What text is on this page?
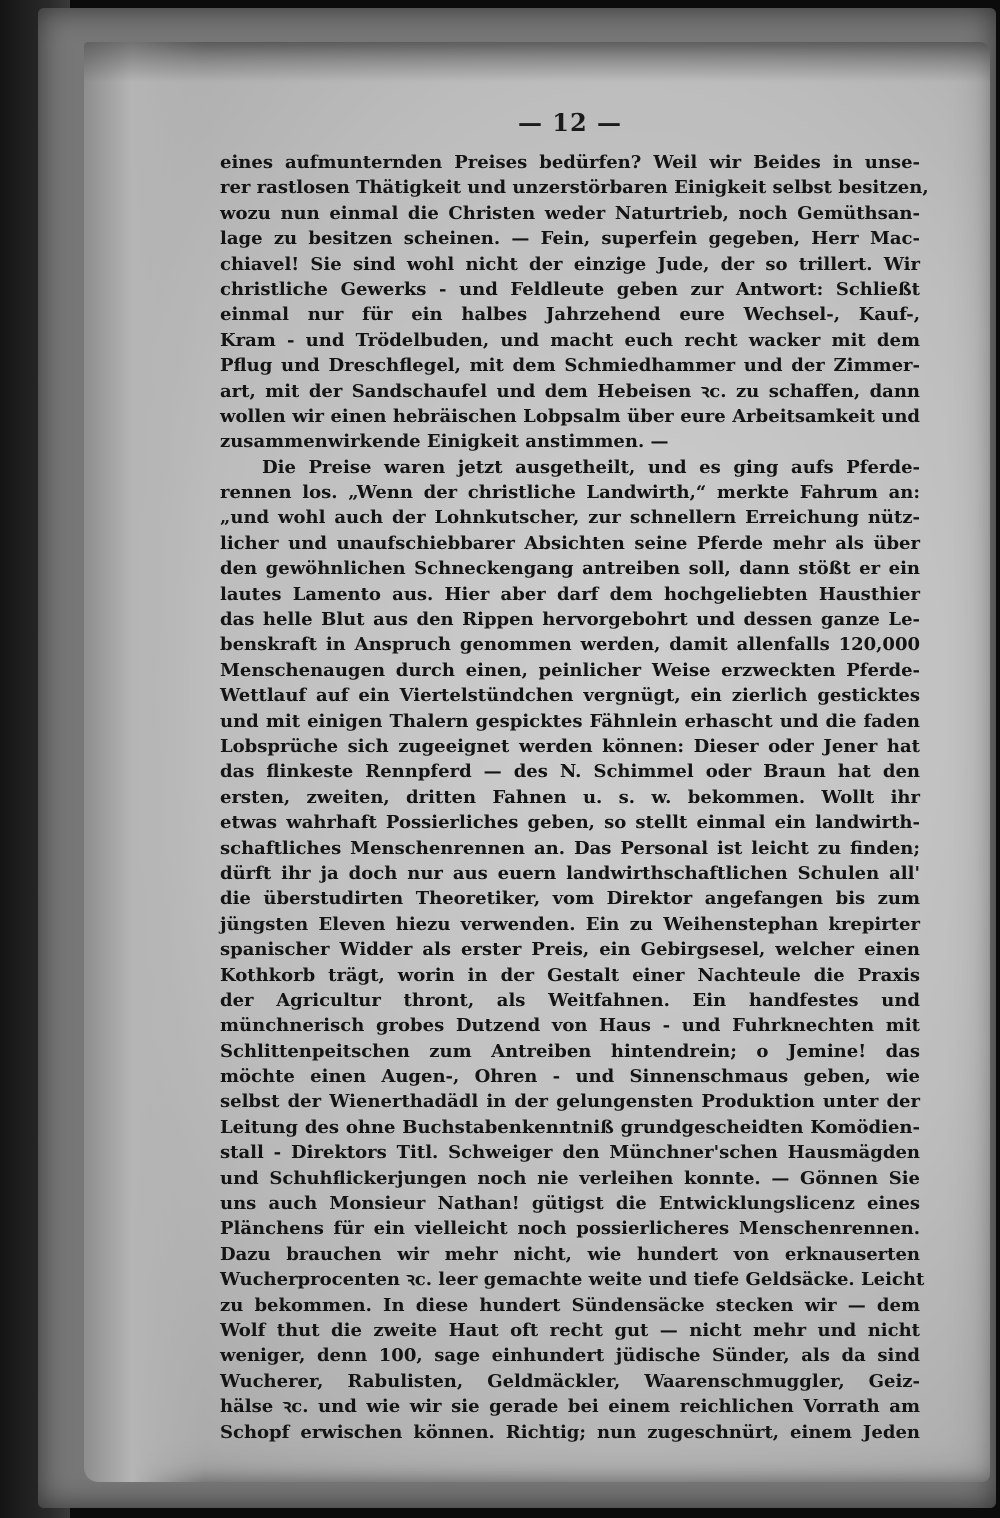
— 12 —
eines aufmunternden Preises bedürfen? Weil wir Beides in unse-
rer rastlosen Thätigkeit und unzerstörbaren Einigkeit selbst besitzen,
wozu nun einmal die Christen weder Naturtrieb, noch Gemüthsan-
lage zu besitzen scheinen. — Fein, superfein gegeben, Herr Mac-
chiavel! Sie sind wohl nicht der einzige Jude, der so trillert. Wir
christliche Gewerks - und Feldleute geben zur Antwort: Schließt
einmal nur für ein halbes Jahrzehend eure Wechsel-, Kauf-,
Kram - und Trödelbuden, und macht euch recht wacker mit dem
Pflug und Dreschflegel, mit dem Schmiedhammer und der Zimmer-
art, mit der Sandschaufel und dem Hebeisen ꝛc. zu schaffen, dann
wollen wir einen hebräischen Lobpsalm über eure Arbeitsamkeit und
zusammenwirkende Einigkeit anstimmen. —
Die Preise waren jetzt ausgetheilt, und es ging aufs Pferde-
rennen los. „Wenn der christliche Landwirth,“ merkte Fahrum an:
„und wohl auch der Lohnkutscher, zur schnellern Erreichung nütz-
licher und unaufschiebbarer Absichten seine Pferde mehr als über
den gewöhnlichen Schneckengang antreiben soll, dann stößt er ein
lautes Lamento aus. Hier aber darf dem hochgeliebten Hausthier
das helle Blut aus den Rippen hervorgebohrt und dessen ganze Le-
benskraft in Anspruch genommen werden, damit allenfalls 120,000
Menschenaugen durch einen, peinlicher Weise erzweckten Pferde-
Wettlauf auf ein Viertelstündchen vergnügt, ein zierlich gesticktes
und mit einigen Thalern gespicktes Fähnlein erhascht und die faden
Lobsprüche sich zugeeignet werden können: Dieser oder Jener hat
das flinkeste Rennpferd — des N. Schimmel oder Braun hat den
ersten, zweiten, dritten Fahnen u. s. w. bekommen. Wollt ihr
etwas wahrhaft Possierliches geben, so stellt einmal ein landwirth-
schaftliches Menschenrennen an. Das Personal ist leicht zu finden;
dürft ihr ja doch nur aus euern landwirthschaftlichen Schulen all'
die überstudirten Theoretiker, vom Direktor angefangen bis zum
jüngsten Eleven hiezu verwenden. Ein zu Weihenstephan krepirter
spanischer Widder als erster Preis, ein Gebirgsesel, welcher einen
Kothkorb trägt, worin in der Gestalt einer Nachteule die Praxis
der Agricultur thront, als Weitfahnen. Ein handfestes und
münchnerisch grobes Dutzend von Haus - und Fuhrknechten mit
Schlittenpeitschen zum Antreiben hintendrein; o Jemine! das
möchte einen Augen-, Ohren - und Sinnenschmaus geben, wie
selbst der Wienerthadädl in der gelungensten Produktion unter der
Leitung des ohne Buchstabenkenntniß grundgescheidten Komödien-
stall - Direktors Titl. Schweiger den Münchner'schen Hausmägden
und Schuhflickerjungen noch nie verleihen konnte. — Gönnen Sie
uns auch Monsieur Nathan! gütigst die Entwicklungslicenz eines
Plänchens für ein vielleicht noch possierlicheres Menschenrennen.
Dazu brauchen wir mehr nicht, wie hundert von erknauserten
Wucherprocenten ꝛc. leer gemachte weite und tiefe Geldsäcke. Leicht
zu bekommen. In diese hundert Sündensäcke stecken wir — dem
Wolf thut die zweite Haut oft recht gut — nicht mehr und nicht
weniger, denn 100, sage einhundert jüdische Sünder, als da sind
Wucherer, Rabulisten, Geldmäckler, Waarenschmuggler, Geiz-
hälse ꝛc. und wie wir sie gerade bei einem reichlichen Vorrath am
Schopf erwischen können. Richtig; nun zugeschnürt, einem Jeden
